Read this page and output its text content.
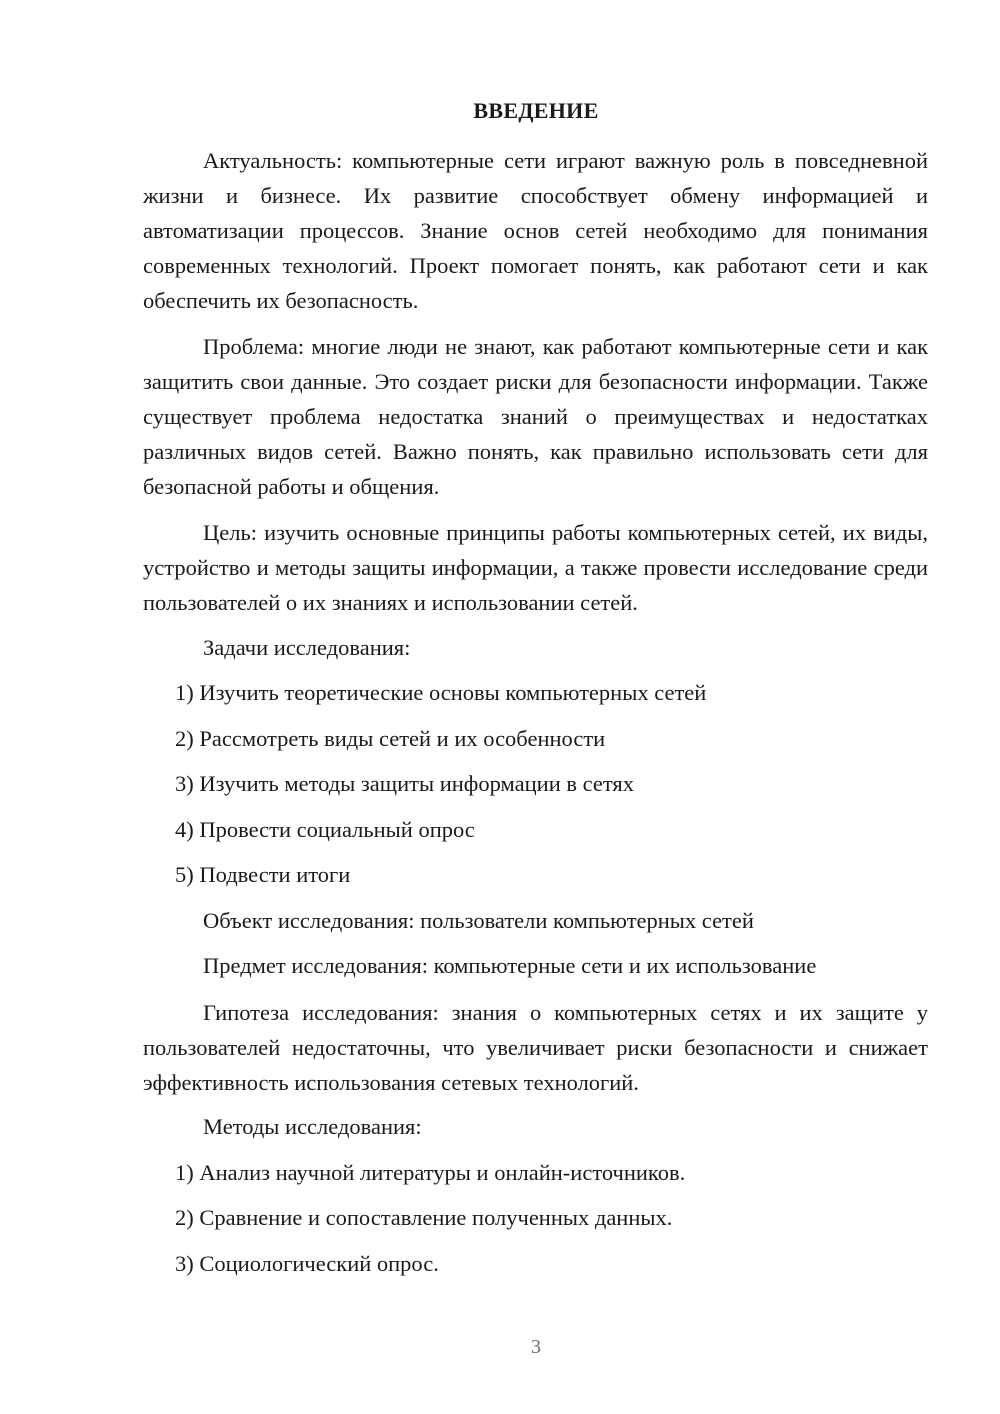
ВВЕДЕНИЕ

Актуальность: компьютерные сети играют важную роль в повседневной жизни и бизнесе. Их развитие способствует обмену информацией и автоматизации процессов. Знание основ сетей необходимо для понимания современных технологий. Проект помогает понять, как работают сети и как обеспечить их безопасность.

Проблема: многие люди не знают, как работают компьютерные сети и как защитить свои данные. Это создает риски для безопасности информации. Также существует проблема недостатка знаний о преимуществах и недостатках различных видов сетей. Важно понять, как правильно использовать сети для безопасной работы и общения.

Цель: изучить основные принципы работы компьютерных сетей, их виды, устройство и методы защиты информации, а также провести исследование среди пользователей о их знаниях и использовании сетей.

Задачи исследования:

1) Изучить теоретические основы компьютерных сетей

2) Рассмотреть виды сетей и их особенности

3) Изучить методы защиты информации в сетях

4) Провести социальный опрос

5) Подвести итоги

Объект исследования: пользователи компьютерных сетей

Предмет исследования: компьютерные сети и их использование

Гипотеза исследования: знания о компьютерных сетях и их защите у пользователей недостаточны, что увеличивает риски безопасности и снижает эффективность использования сетевых технологий.

Методы исследования:

1) Анализ научной литературы и онлайн-источников.

2) Сравнение и сопоставление полученных данных.

3) Социологический опрос.

3
